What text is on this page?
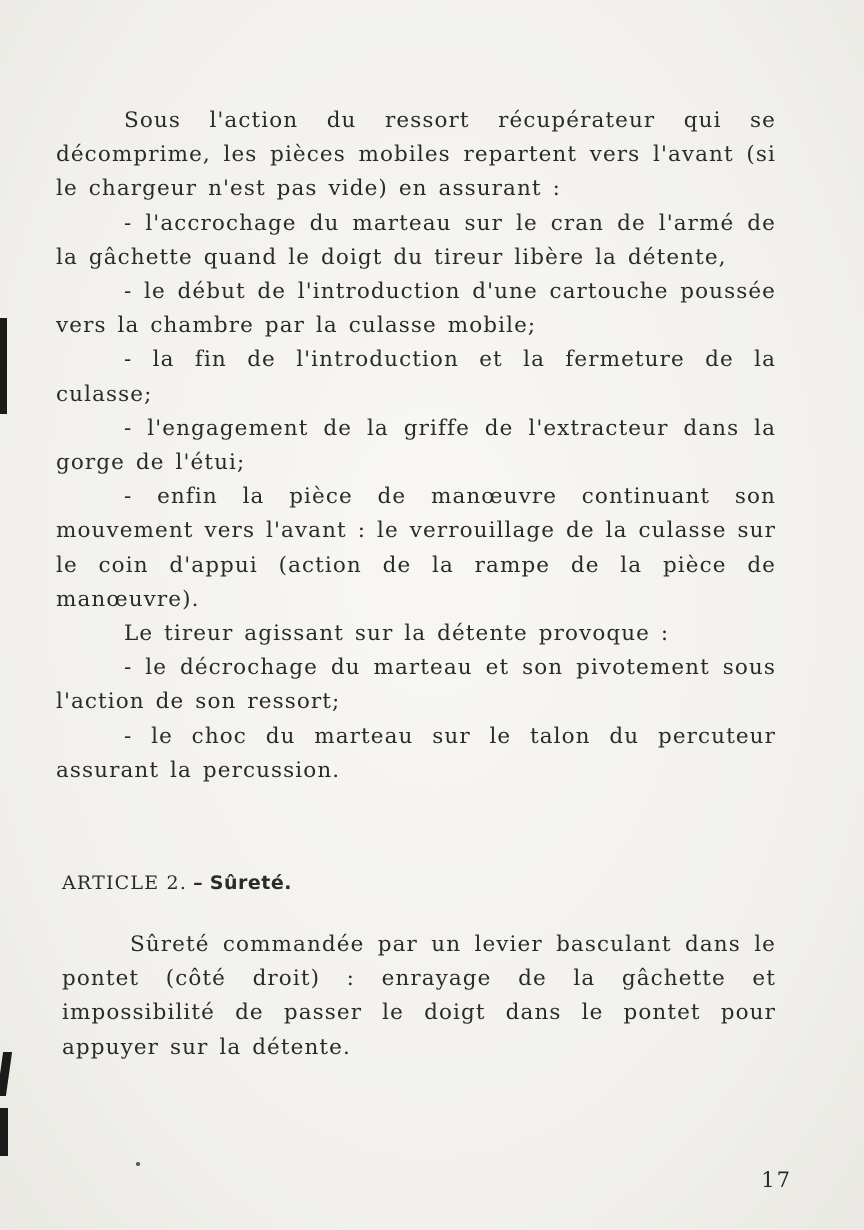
Sous l'action du ressort récupérateur qui se décomprime, les pièces mobiles repartent vers l'avant (si le chargeur n'est pas vide) en assurant :

- l'accrochage du marteau sur le cran de l'armé de la gâchette quand le doigt du tireur libère la détente,

- le début de l'introduction d'une cartouche poussée vers la chambre par la culasse mobile;

- la fin de l'introduction et la fermeture de la culasse;

- l'engagement de la griffe de l'extracteur dans la gorge de l'étui;

- enfin la pièce de manœuvre continuant son mouvement vers l'avant : le verrouillage de la culasse sur le coin d'appui (action de la rampe de la pièce de manœuvre).

Le tireur agissant sur la détente provoque :

- le décrochage du marteau et son pivotement sous l'action de son ressort;

- le choc du marteau sur le talon du percuteur assurant la percussion.

ARTICLE 2. – Sûreté.

Sûreté commandée par un levier basculant dans le pontet (côté droit) : enrayage de la gâchette et impossibilité de passer le doigt dans le pontet pour appuyer sur la détente.

17
